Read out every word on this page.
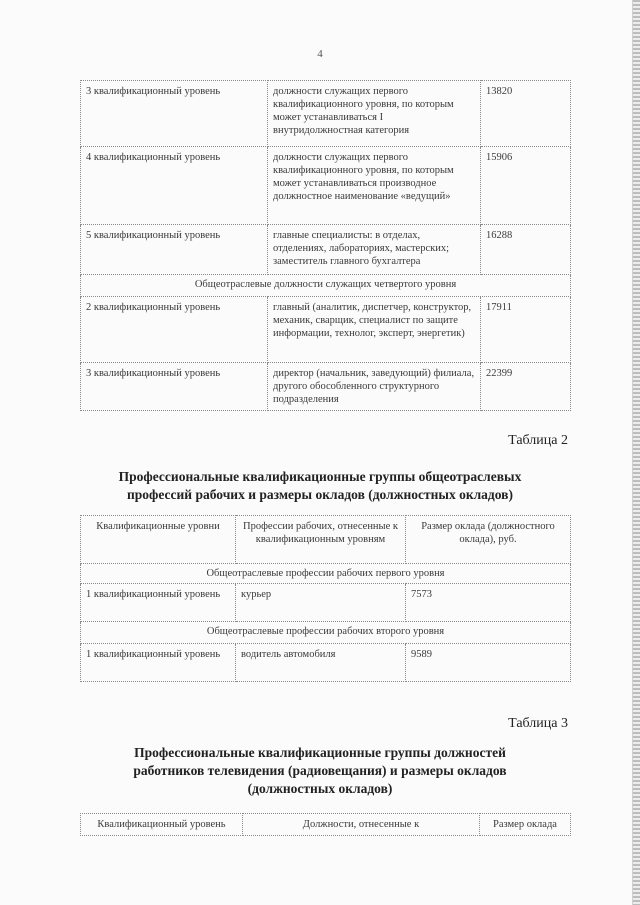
4
3 квалификационный уровень	должности служащих первого квалификационного уровня, по которым может устанавливаться I внутридолжностная категория	13820
4 квалификационный уровень	должности служащих первого квалификационного уровня, по которым может устанавливаться производное должностное наименование «ведущий»	15906
5 квалификационный уровень	главные специалисты: в отделах, отделениях, лабораториях, мастерских; заместитель главного бухгалтера	16288
Общеотраслевые должности служащих четвертого уровня		
2 квалификационный уровень	главный (аналитик, диспетчер, конструктор, механик, сварщик, специалист по защите информации, технолог, эксперт, энергетик)	17911
3 квалификационный уровень	директор (начальник, заведующий) филиала, другого обособленного структурного подразделения	22399
Таблица 2
Профессиональные квалификационные группы общеотраслевых
профессий рабочих и размеры окладов (должностных окладов)
Квалификационные уровни	Профессии рабочих, отнесенные к квалификационным уровням	Размер оклада (должностного оклада), руб.
Общеотраслевые профессии рабочих первого уровня		
1 квалификационный уровень	курьер	7573
Общеотраслевые профессии рабочих второго уровня		
1 квалификационный уровень	водитель автомобиля	9589
Таблица 3
Профессиональные квалификационные группы должностей
работников телевидения (радиовещания) и размеры окладов
(должностных окладов)
Квалификационный уровень	Должности, отнесенные к	Размер оклада
